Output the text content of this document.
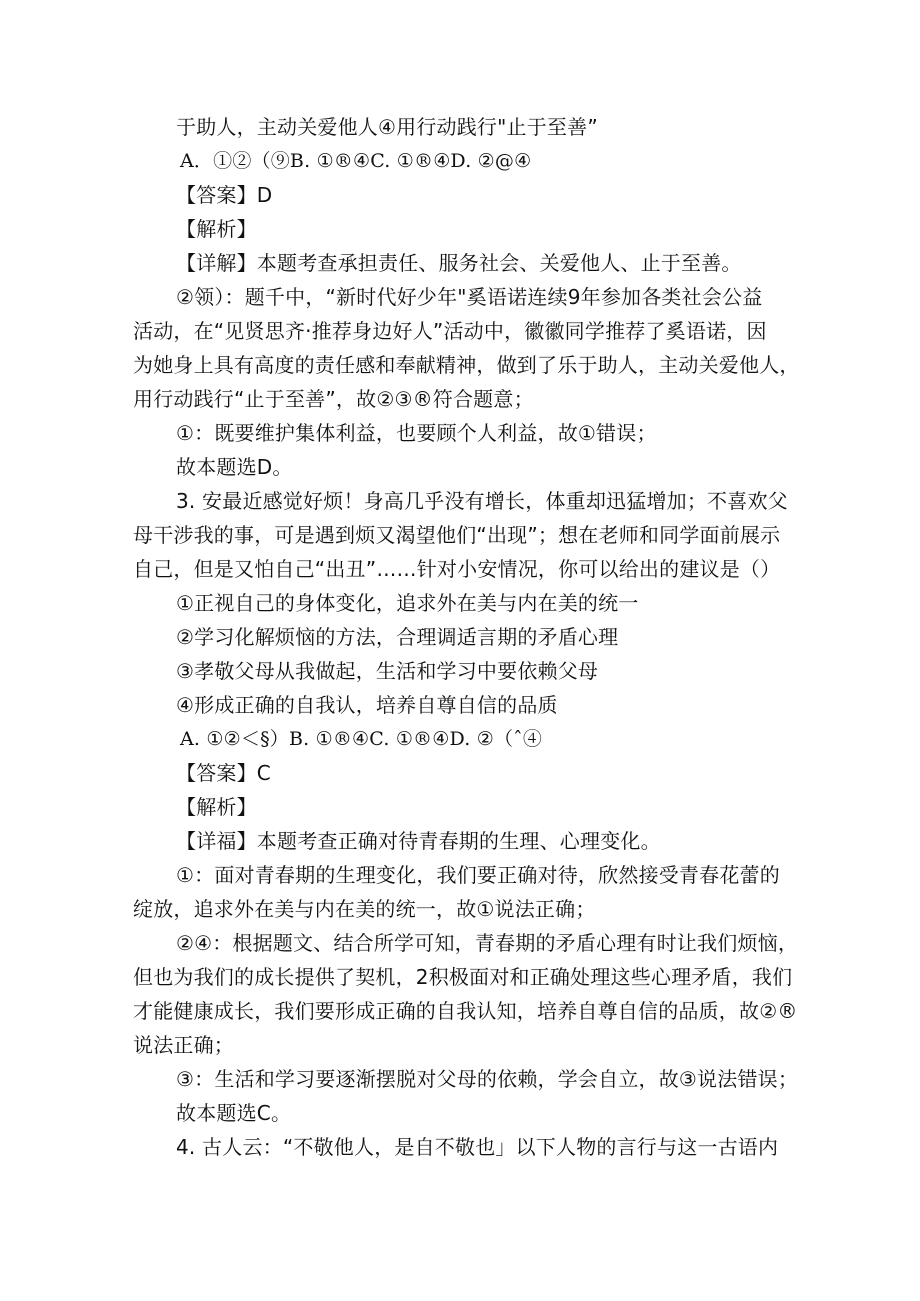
于助人，主动关爱他人④用行动践行"止于至善”
A．①②（⑨B. ①®④C. ①®④D. ②@④
【答案】D
【解析】
【详解】本题考查承担责任、服务社会、关爱他人、止于至善。
②领）：题千中，“新时代好少年"奚语诺连续9年参加各类社会公益
活动，在“见贤思齐·推荐身边好人”活动中，徽徽同学推荐了奚语诺，因
为她身上具有高度的责任感和奉献精神，做到了乐于助人，主动关爱他人，
用行动践行“止于至善”，故②③®符合题意；
①：既要维护集体利益，也要顾个人利益，故①错误；
故本题选D。
3. 安最近感觉好烦！身高几乎没有增长，体重却迅猛增加；不喜欢父
母干涉我的事，可是遇到烦又渴望他们“出现”；想在老师和同学面前展示
自己，但是又怕自己“出丑”……针对小安情况，你可以给出的建议是（）
①正视自己的身体变化，追求外在美与内在美的统一
②学习化解烦恼的方法，合理调适言期的矛盾心理
③孝敬父母从我做起，生活和学习中要依赖父母
④形成正确的自我认，培养自尊自信的品质
A. ①②＜§）B. ①®④C. ①®④D. ②（ˆ④
【答案】C
【解析】
【详福】本题考查正确对待青春期的生理、心理变化。
①：面对青春期的生理变化，我们要正确对待，欣然接受青春花蕾的
绽放，追求外在美与内在美的统一，故①说法正确；
②④：根据题文、结合所学可知，青春期的矛盾心理有时让我们烦恼，
但也为我们的成长提供了契机，2积极面对和正确处理这些心理矛盾，我们
才能健康成长，我们要形成正确的自我认知，培养自尊自信的品质，故②®
说法正确；
③：生活和学习要逐渐摆脱对父母的依赖，学会自立，故③说法错误；
故本题选C。
4. 古人云：“不敬他人，是自不敬也」以下人物的言行与这一古语内
